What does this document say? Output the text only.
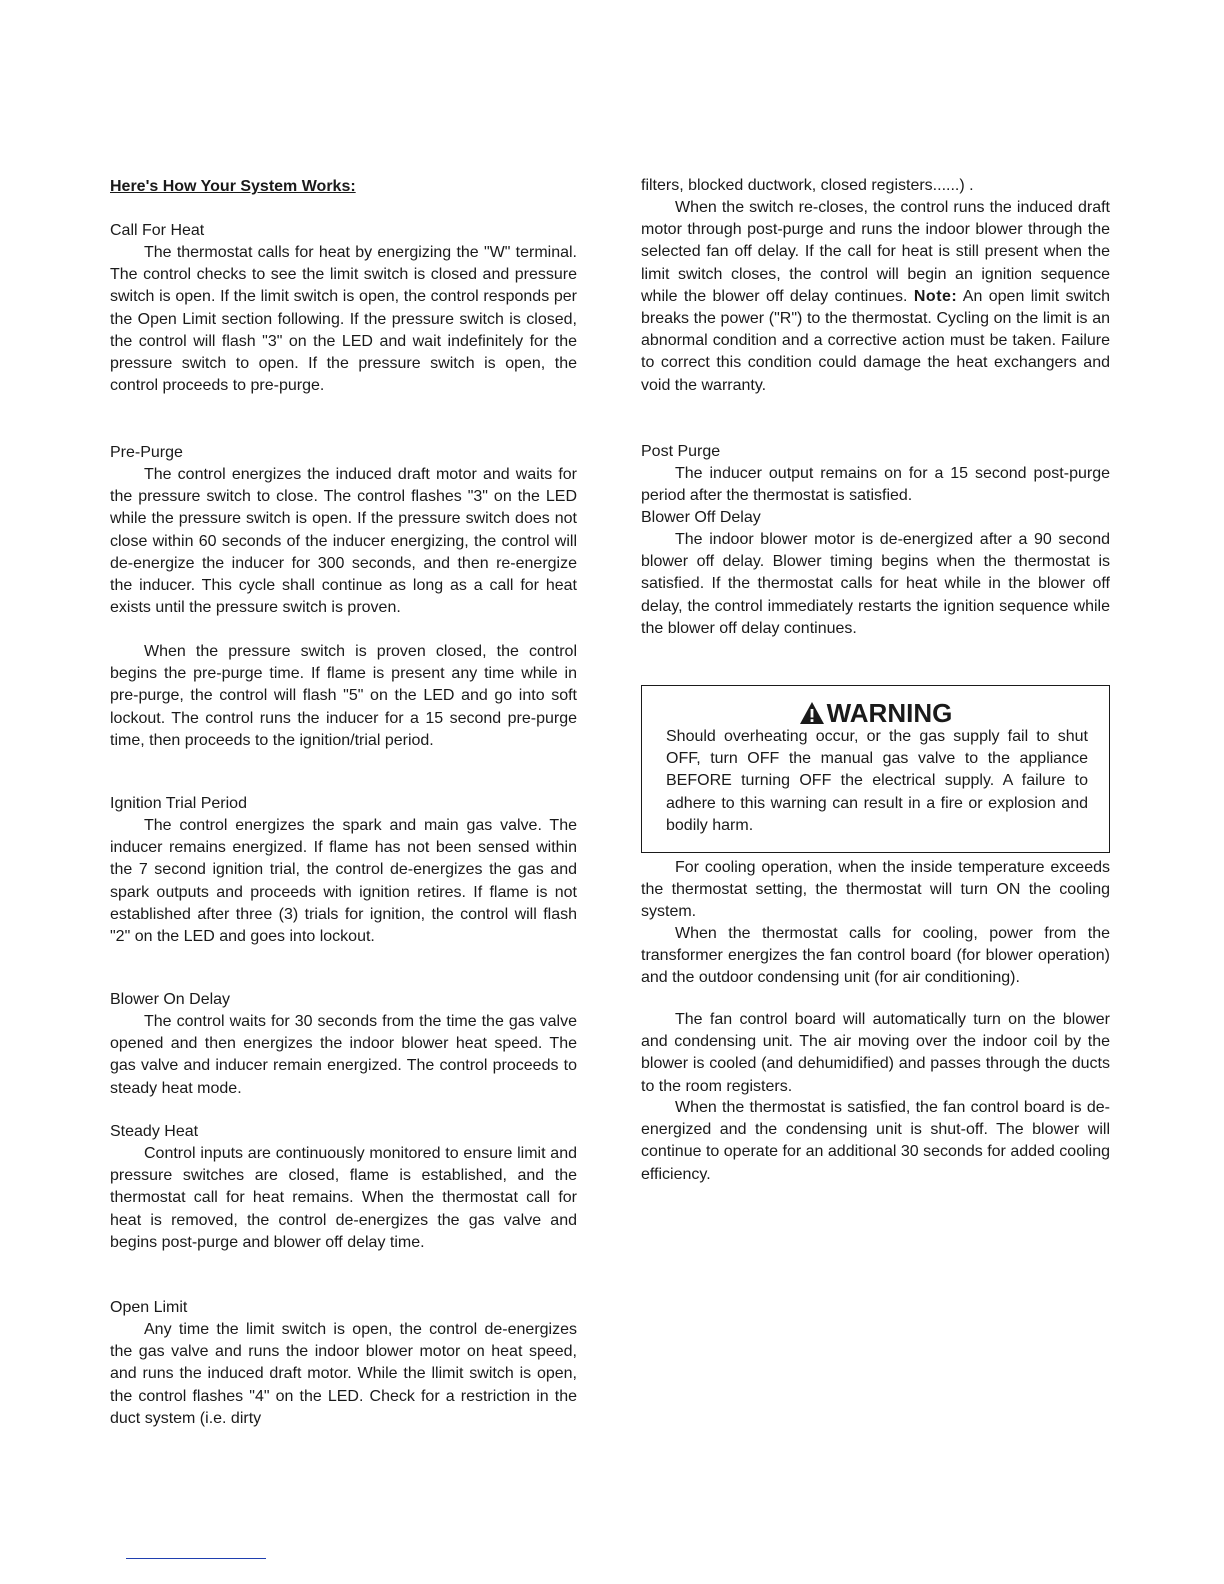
Here's How Your System Works:
Call For Heat

The thermostat calls for heat by energizing the "W" terminal. The control checks to see the limit switch is closed and pressure switch is open. If the limit switch is open, the control responds per the Open Limit section following. If the pressure switch is closed, the control will flash "3" on the LED and wait indefinitely for the pressure switch to open. If the pressure switch is open, the control proceeds to pre-purge.

Pre-Purge

The control energizes the induced draft motor and waits for the pressure switch to close. The control flashes "3" on the LED while the pressure switch is open. If the pressure switch does not close within 60 seconds of the inducer energizing, the control will de-energize the inducer for 300 seconds, and then re-energize the inducer. This cycle shall continue as long as a call for heat exists until the pressure switch is proven.

When the pressure switch is proven closed, the control begins the pre-purge time. If flame is present any time while in pre-purge, the control will flash "5" on the LED and go into soft lockout. The control runs the inducer for a 15 second pre-purge time, then proceeds to the ignition/trial period.

Ignition Trial Period

The control energizes the spark and main gas valve. The inducer remains energized. If flame has not been sensed within the 7 second ignition trial, the control de-energizes the gas and spark outputs and proceeds with ignition retires. If flame is not established after three (3) trials for ignition, the control will flash "2" on the LED and goes into lockout.

Blower On Delay

The control waits for 30 seconds from the time the gas valve opened and then energizes the indoor blower heat speed. The gas valve and inducer remain energized. The control proceeds to steady heat mode.

Steady Heat

Control inputs are continuously monitored to ensure limit and pressure switches are closed, flame is established, and the thermostat call for heat remains. When the thermostat call for heat is removed, the control de-energizes the gas valve and begins post-purge and blower off delay time.

Open Limit

Any time the limit switch is open, the control de-energizes the gas valve and runs the indoor blower motor on heat speed, and runs the induced draft motor. While the llimit switch is open, the control flashes "4" on the LED. Check for a restriction in the duct system (i.e. dirty

filters, blocked ductwork, closed registers......) .

When the switch re-closes, the control runs the induced draft motor through post-purge and runs the indoor blower through the selected fan off delay. If the call for heat is still present when the limit switch closes, the control will begin an ignition sequence while the blower off delay continues. Note: An open limit switch breaks the power ("R") to the thermostat. Cycling on the limit is an abnormal condition and a corrective action must be taken. Failure to correct this condition could damage the heat exchangers and void the warranty.

Post Purge

The inducer output remains on for a 15 second post-purge period after the thermostat is satisfied.

Blower Off Delay

The indoor blower motor is de-energized after a 90 second blower off delay. Blower timing begins when the thermostat is satisfied. If the thermostat calls for heat while in the blower off delay, the control immediately restarts the ignition sequence while the blower off delay continues.

For cooling operation, when the inside temperature exceeds the thermostat setting, the thermostat will turn ON the cooling system.

When the thermostat calls for cooling, power from the transformer energizes the fan control board (for blower operation) and the outdoor condensing unit (for air conditioning).

The fan control board will automatically turn on the blower and condensing unit. The air moving over the indoor coil by the blower is cooled (and dehumidified) and passes through the ducts to the room registers.

When the thermostat is satisfied, the fan control board is de-energized and the condensing unit is shut-off. The blower will continue to operate for an additional 30 seconds for added cooling efficiency.

WARNING

Should overheating occur, or the gas supply fail to shut OFF, turn OFF the manual gas valve to the appliance BEFORE turning OFF the electrical supply. A failure to adhere to this warning can result in a fire or explosion and bodily harm.
